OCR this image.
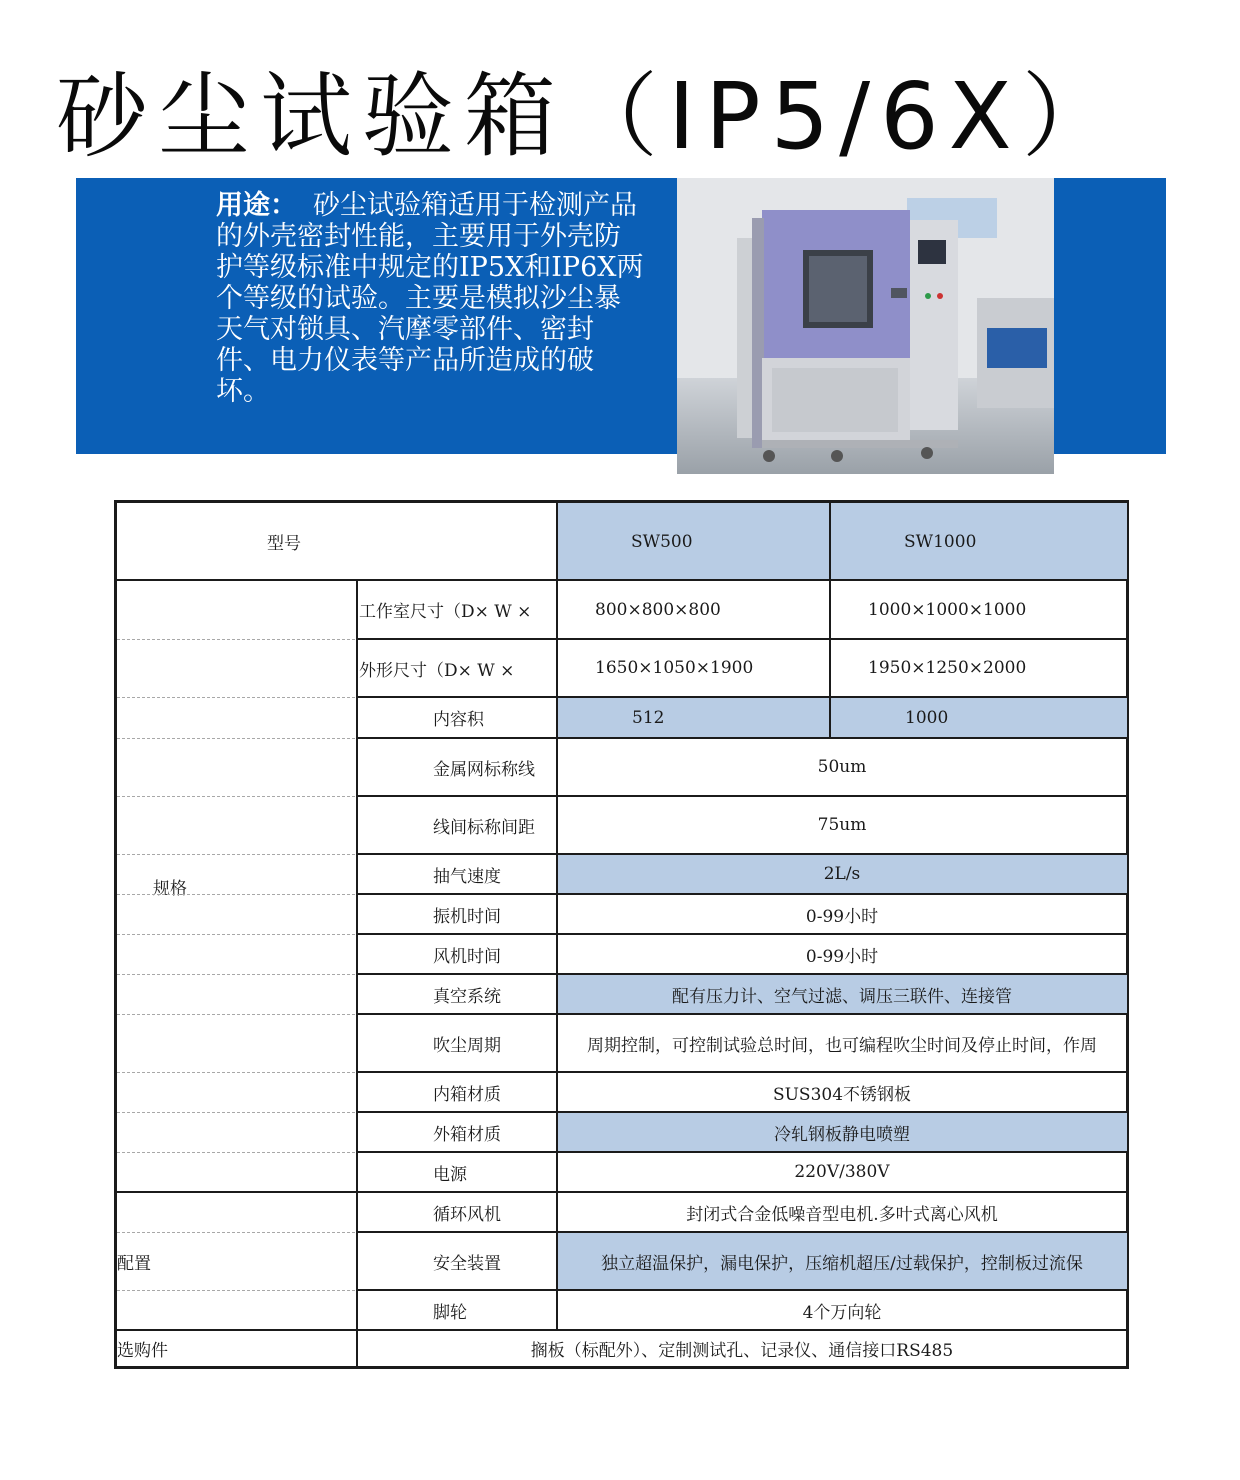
砂尘试验箱（IP5/6X）
用途： 砂尘试验箱适用于检测产品的外壳密封性能，主要用于外壳防护等级标准中规定的IP5X和IP6X两个等级的试验。主要是模拟沙尘暴天气对锁具、汽摩零部件、密封件、电力仪表等产品所造成的破坏。
型号	SW500	SW1000
工作室尺寸（D× W ×	800×800×800	1000×1000×1000
外形尺寸（D× W ×	1650×1050×1900	1950×1250×2000
内容积	512	1000
金属网标称线	50um
线间标称间距	75um
抽气速度	2L/s
振机时间	0-99小时
风机时间	0-99小时
真空系统	配有压力计、空气过滤、调压三联件、连接管
吹尘周期	周期控制，可控制试验总时间，也可编程吹尘时间及停止时间，作周
内箱材质	SUS304不锈钢板
外箱材质	冷轧钢板静电喷塑
电源	220V/380V
循环风机	封闭式合金低噪音型电机.多叶式离心风机
安全装置	独立超温保护，漏电保护，压缩机超压/过载保护，控制板过流保
脚轮	4个万向轮
选购件	搁板（标配外）、定制测试孔、记录仪、通信接口RS485
规格
配置
